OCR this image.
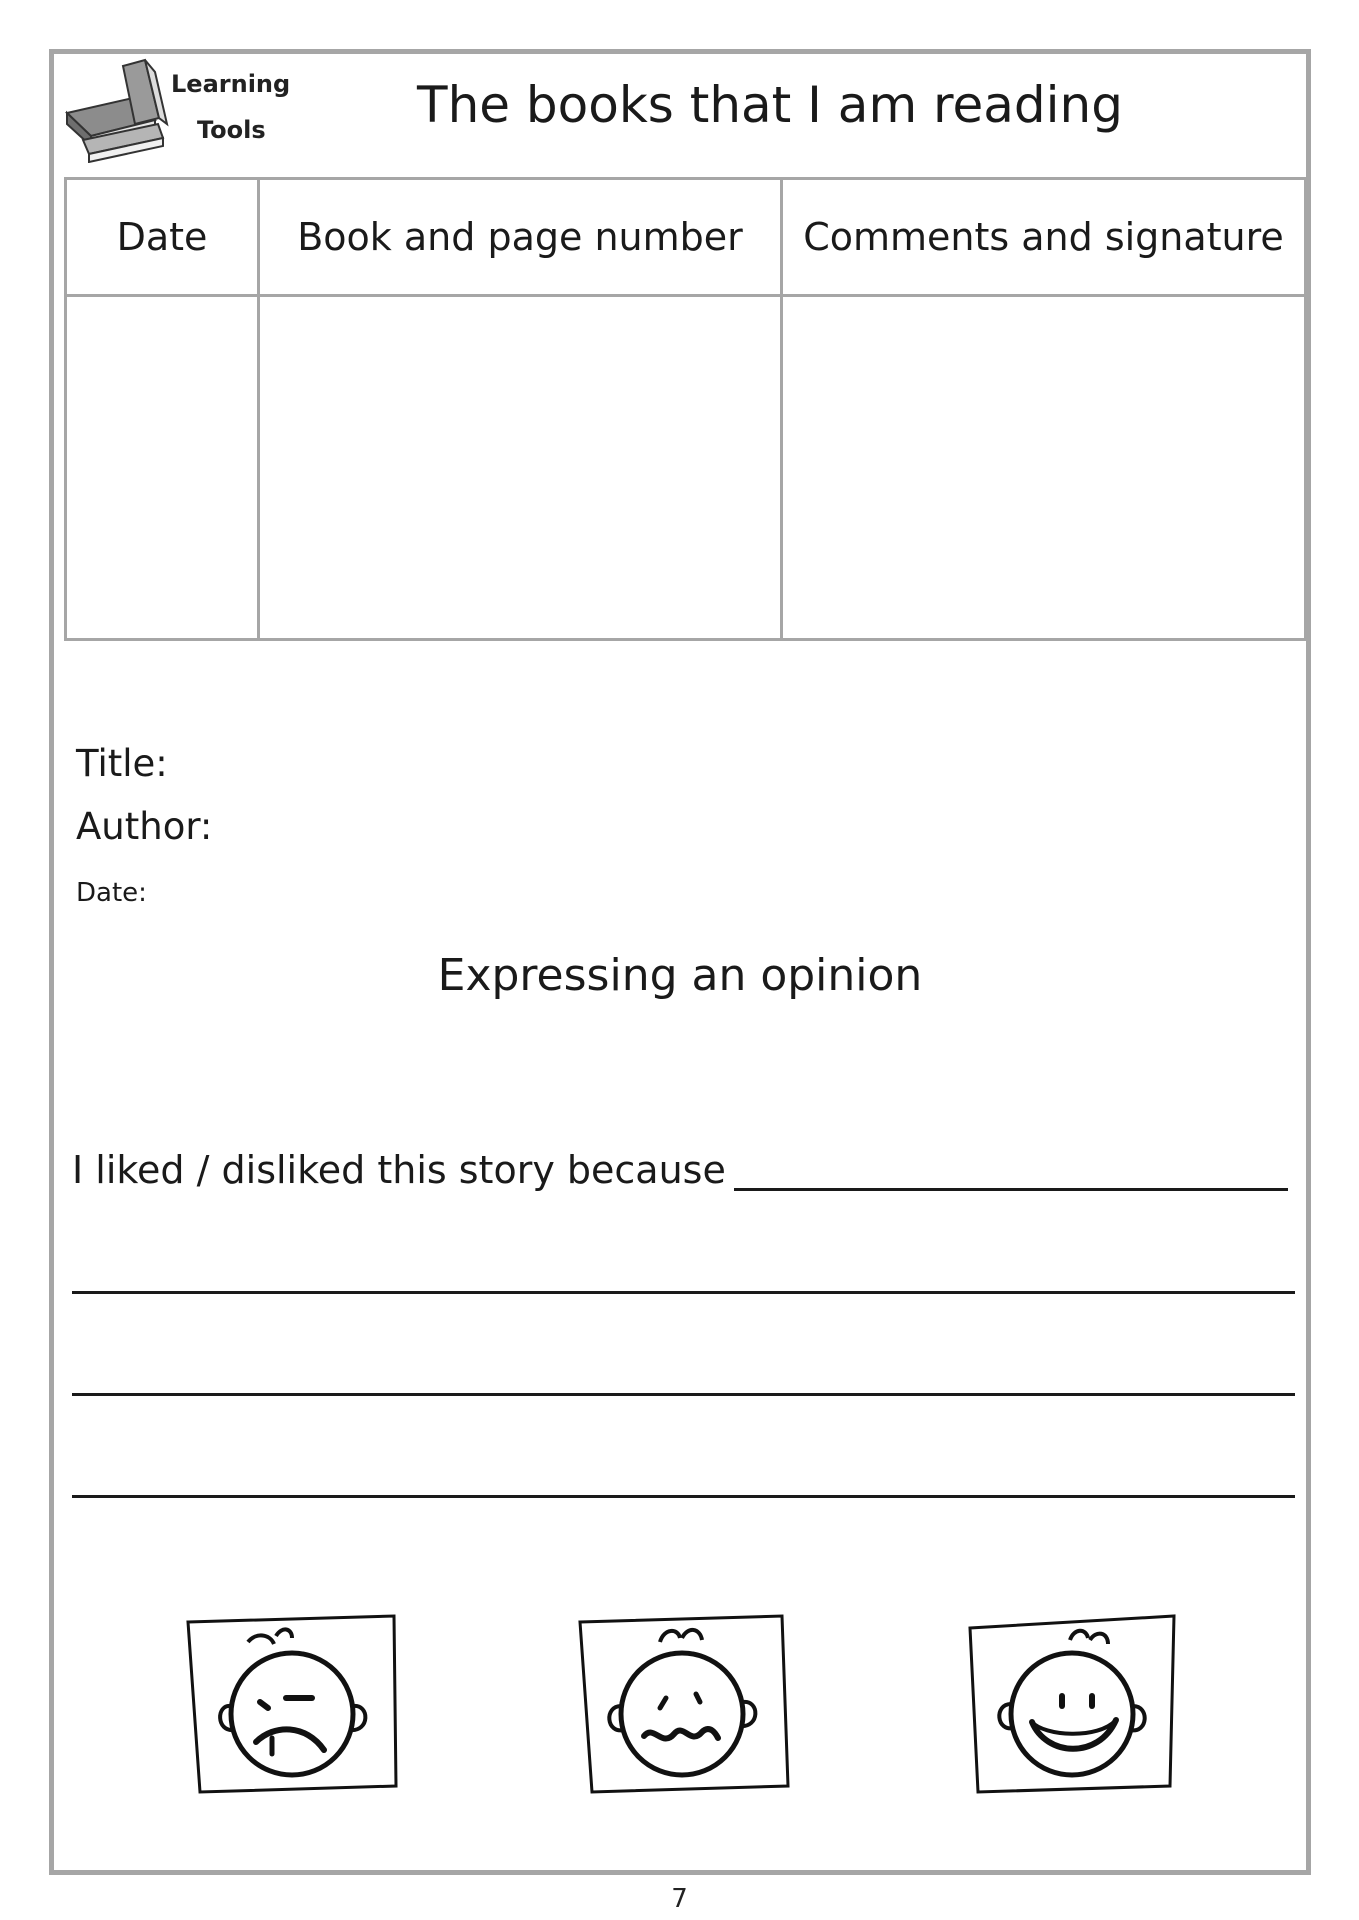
Learning
Tools	The books that I am reading
Date	Book and page number	Comments and signature

Title:
Author:
Date:
Expressing an opinion
I liked / disliked this story because
7
